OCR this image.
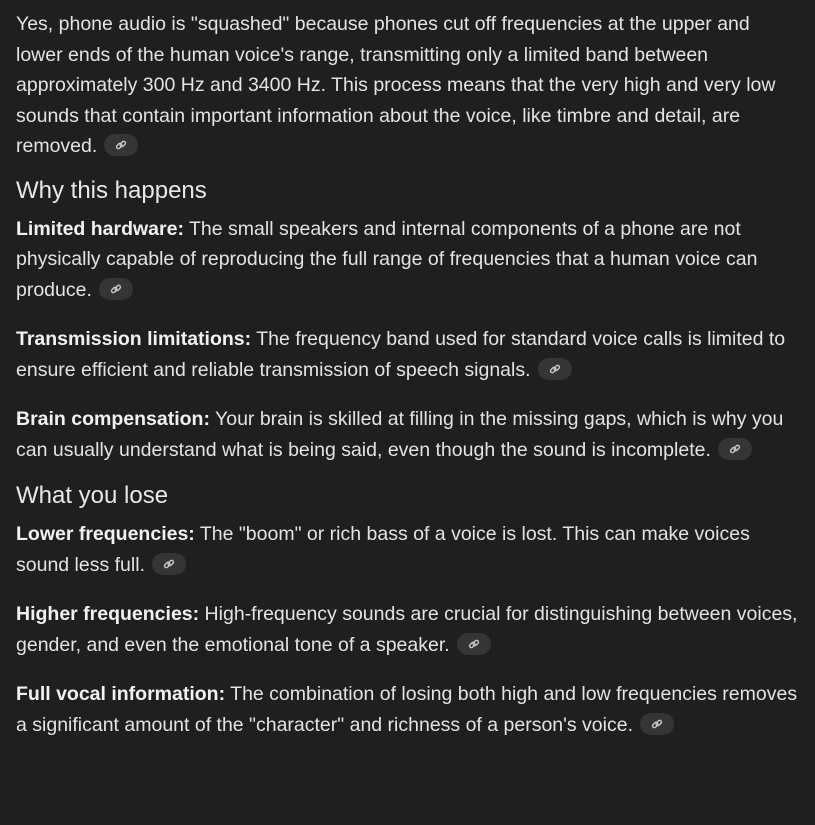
Yes, phone audio is "squashed" because phones cut off frequencies at the upper and lower ends of the human voice's range, transmitting only a limited band between approximately 300 Hz and 3400 Hz. This process means that the very high and very low sounds that contain important information about the voice, like timbre and detail, are removed.

Why this happens

Limited hardware: The small speakers and internal components of a phone are not physically capable of reproducing the full range of frequencies that a human voice can produce.

Transmission limitations: The frequency band used for standard voice calls is limited to ensure efficient and reliable transmission of speech signals.

Brain compensation: Your brain is skilled at filling in the missing gaps, which is why you can usually understand what is being said, even though the sound is incomplete.

What you lose

Lower frequencies: The "boom" or rich bass of a voice is lost. This can make voices sound less full.

Higher frequencies: High-frequency sounds are crucial for distinguishing between voices, gender, and even the emotional tone of a speaker.

Full vocal information: The combination of losing both high and low frequencies removes a significant amount of the "character" and richness of a person's voice.
